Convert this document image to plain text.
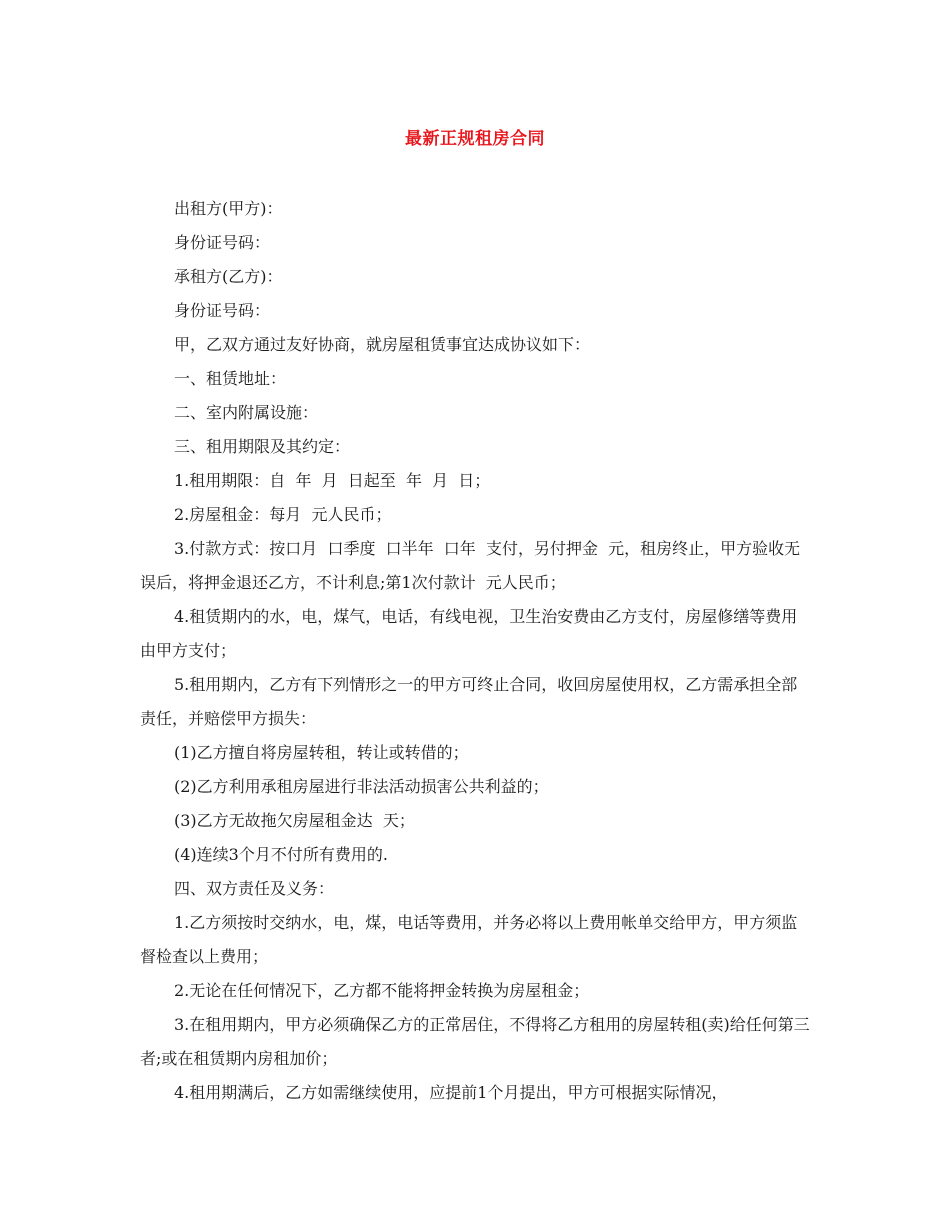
最新正规租房合同

出租方(甲方)：

身份证号码：

承租方(乙方)：

身份证号码：

甲，乙双方通过友好协商，就房屋租赁事宜达成协议如下：

一、租赁地址：

二、室内附属设施：

三、租用期限及其约定：

1.租用期限：自  年  月  日起至  年  月  日；

2.房屋租金：每月  元人民币；

3.付款方式：按口月  口季度  口半年  口年  支付，另付押金  元，租房终止，甲方验收无误后，将押金退还乙方，不计利息;第1次付款计  元人民币；

4.租赁期内的水，电，煤气，电话，有线电视，卫生治安费由乙方支付，房屋修缮等费用由甲方支付；

5.租用期内，乙方有下列情形之一的甲方可终止合同，收回房屋使用权，乙方需承担全部责任，并赔偿甲方损失：

(1)乙方擅自将房屋转租，转让或转借的；

(2)乙方利用承租房屋进行非法活动损害公共利益的；

(3)乙方无故拖欠房屋租金达  天；

(4)连续3个月不付所有费用的.

四、双方责任及义务：

1.乙方须按时交纳水，电，煤，电话等费用，并务必将以上费用帐单交给甲方，甲方须监督检查以上费用；

2.无论在任何情况下，乙方都不能将押金转换为房屋租金；

3.在租用期内，甲方必须确保乙方的正常居住，不得将乙方租用的房屋转租(卖)给任何第三者;或在租赁期内房租加价；

4.租用期满后，乙方如需继续使用，应提前1个月提出，甲方可根据实际情况，
